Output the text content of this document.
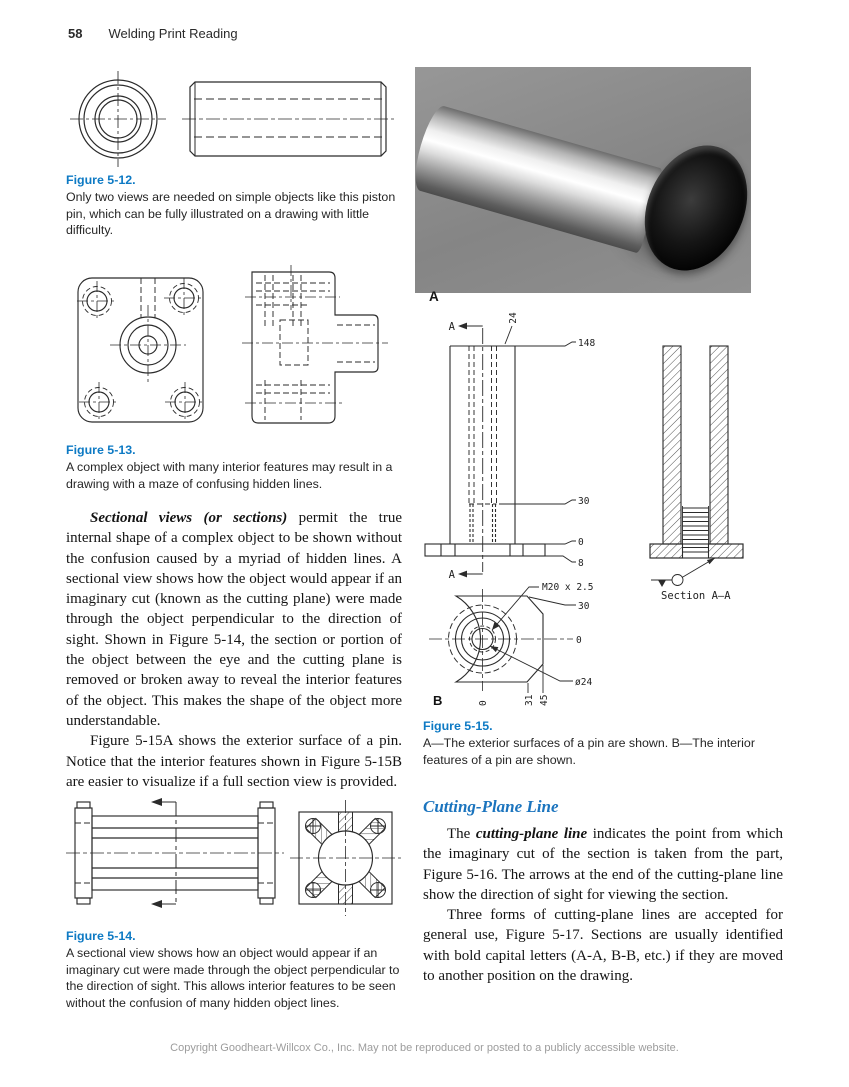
58 Welding Print Reading
Figure 5-12.
Only two views are needed on simple objects like this piston pin, which can be fully illustrated on a drawing with little difficulty.
Figure 5-13.
A complex object with many interior features may result in a drawing with a maze of confusing hidden lines.

Sectional views (or sections) permit the true internal shape of a complex object to be shown without the confusion caused by a myriad of hidden lines. A sectional view shows how the object would appear if an imaginary cut (known as the cutting plane) were made through the object perpendicular to the direction of sight. Shown in Figure 5-14, the section or portion of the object between the eye and the cutting plane is removed or broken away to reveal the interior features of the object. This makes the shape of the object more understandable.

Figure 5-15A shows the exterior surface of a pin. Notice that the interior features shown in Figure 5-15B are easier to visualize if a full section view is provided.

Figure 5-14.
A sectional view shows how an object would appear if an imaginary cut were made through the object perpendicular to the direction of sight. This allows interior features to be seen without the confusion of many hidden object lines.
A
A
A
24
148
30
0
8
M20 x 2.5
30
0
ø24
0	31 45
B
Section A–A
Figure 5-15.
A—The exterior surfaces of a pin are shown. B—The interior features of a pin are shown.
Cutting-Plane Line

The cutting-plane line indicates the point from which the imaginary cut of the section is taken from the part, Figure 5-16. The arrows at the end of the cutting-plane line show the direction of sight for viewing the section.

Three forms of cutting-plane lines are accepted for general use, Figure 5-17. Sections are usually identified with bold capital letters (A-A, B-B, etc.) if they are moved to another position on the drawing.

Copyright Goodheart-Willcox Co., Inc. May not be reproduced or posted to a publicly accessible website.
